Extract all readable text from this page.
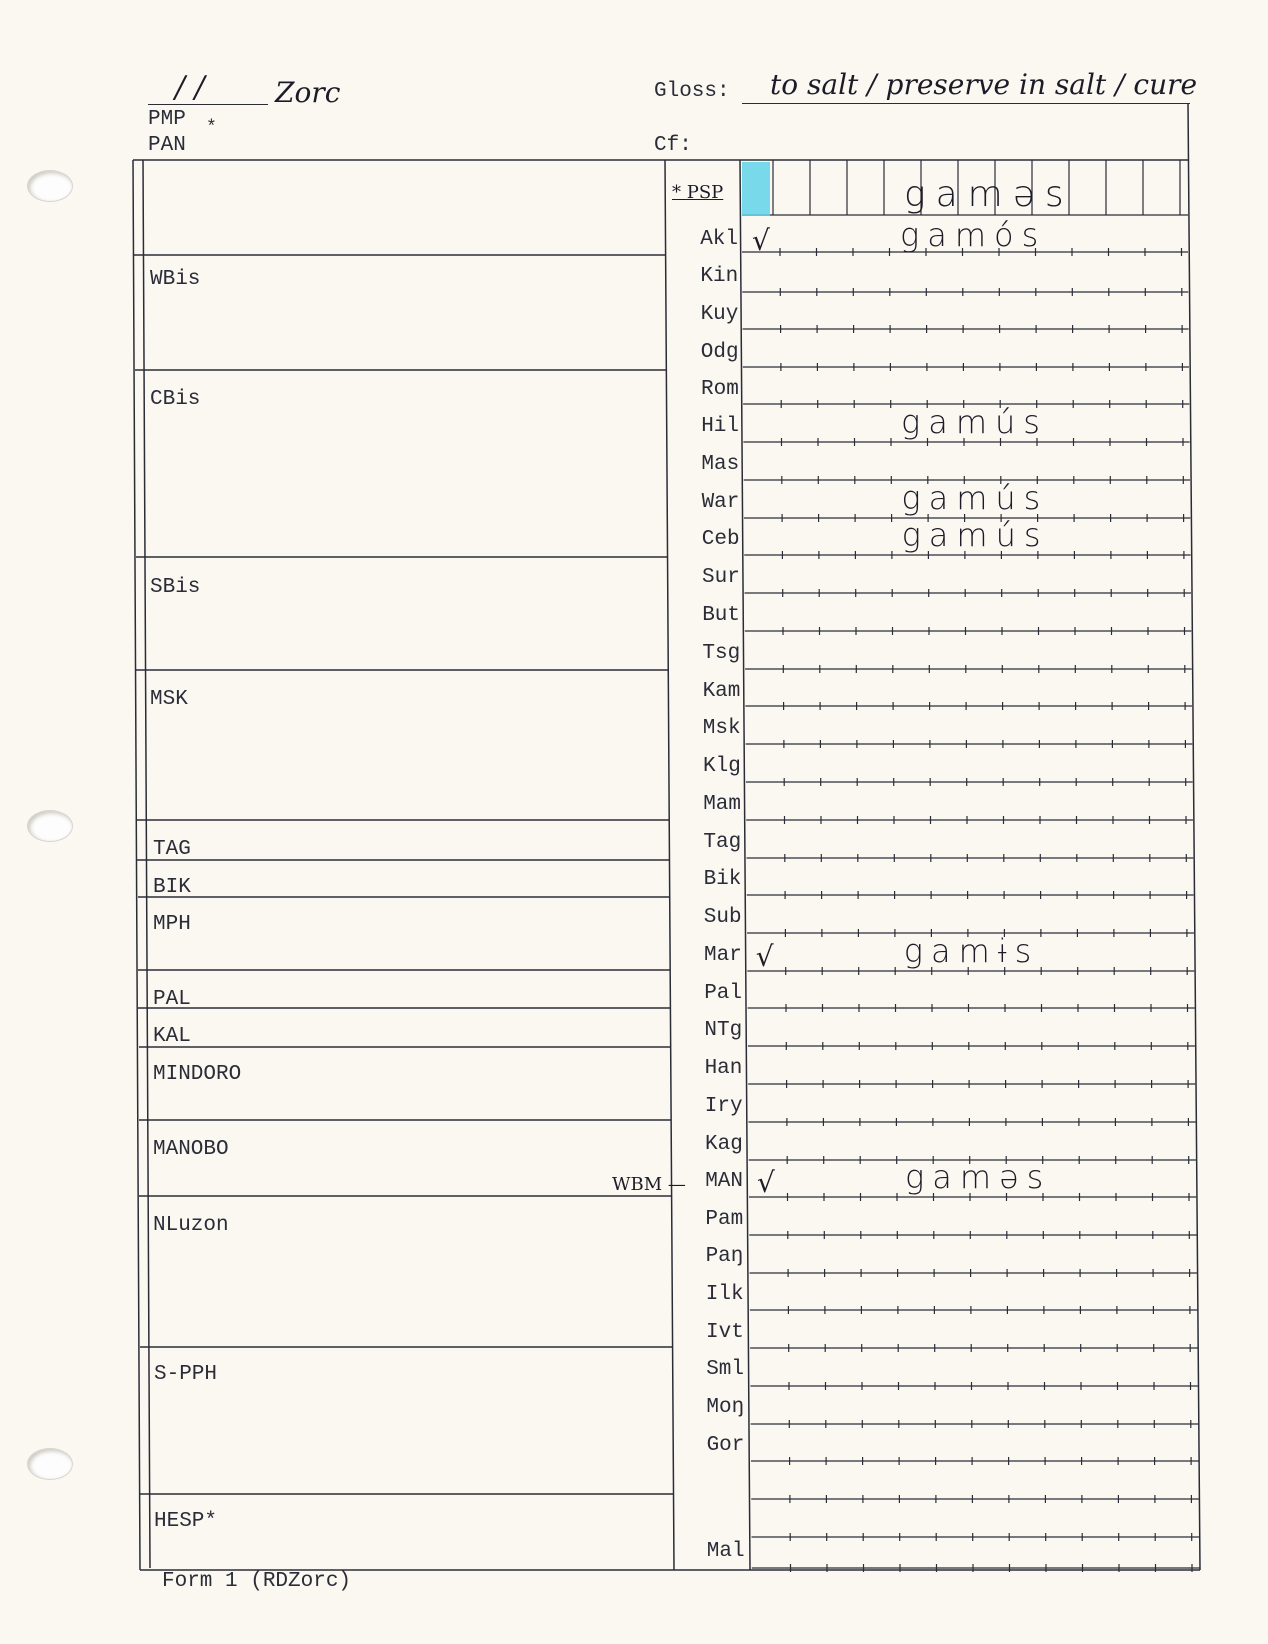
/ /	Zorc
PMP *
PAN
Gloss: to salt / preserve in salt / cure
Cf:
WBis
CBis
SBis
MSK
TAG
BIK
MPH
PAL
KAL
MINDORO
MANOBO
NLuzon
S-PPH
HESP*
* PSP	gaməs
WBM —
Akl √	gamós
Kin
Kuy
Odg
Rom
Hil	gamús
Mas
War	gamús
Ceb	gamús
Sur
But
Tsg
Kam
Msk
Klg
Mam
Tag
Bik
Sub
Mar √	gamɨs
Pal
NTg
Han
Iry
Kag
MAN √	gaməs
Pam
Paŋ
Ilk
Ivt
Sml
Moŋ
Gor
Mal
Form 1 (RDZorc)
